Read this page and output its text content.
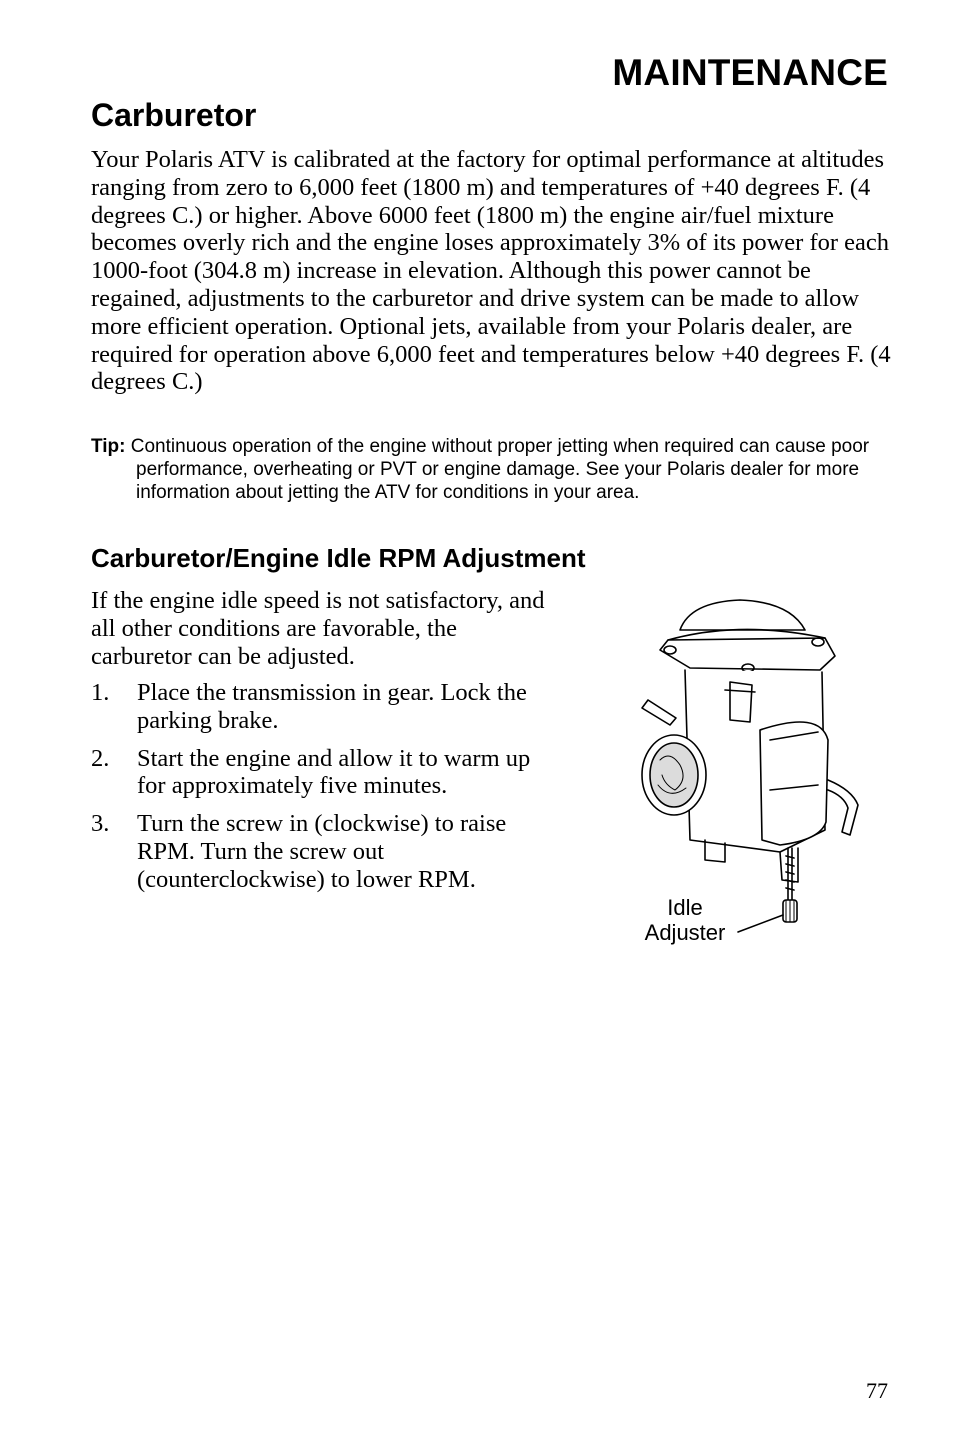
MAINTENANCE
Carburetor
Your Polaris ATV is calibrated at the factory for optimal performance at altitudes ranging from zero to 6,000 feet (1800 m) and temperatures of +40 degrees F. (4 degrees C.) or higher. Above 6000 feet (1800 m) the engine air/fuel mixture becomes overly rich and the engine loses approximately 3% of its power for each 1000-foot (304.8 m) increase in elevation. Although this power cannot be regained, adjustments to the carburetor and drive system can be made to allow more efficient operation. Optional jets, available from your Polaris dealer, are required for operation above 6,000 feet and temperatures below +40 degrees F. (4 degrees C.)
Tip: Continuous operation of the engine without proper jetting when required can cause poor performance, overheating or PVT or engine damage. See your Polaris dealer for more information about jetting the ATV for conditions in your area.
Carburetor/Engine Idle RPM Adjustment
If the engine idle speed is not satisfactory, and all other conditions are favorable, the carburetor can be adjusted.
1. Place the transmission in gear. Lock the parking brake.
2. Start the engine and allow it to warm up for approximately five minutes.
3. Turn the screw in (clockwise) to raise RPM. Turn the screw out (counterclockwise) to lower RPM.
Idle
Adjuster
77
